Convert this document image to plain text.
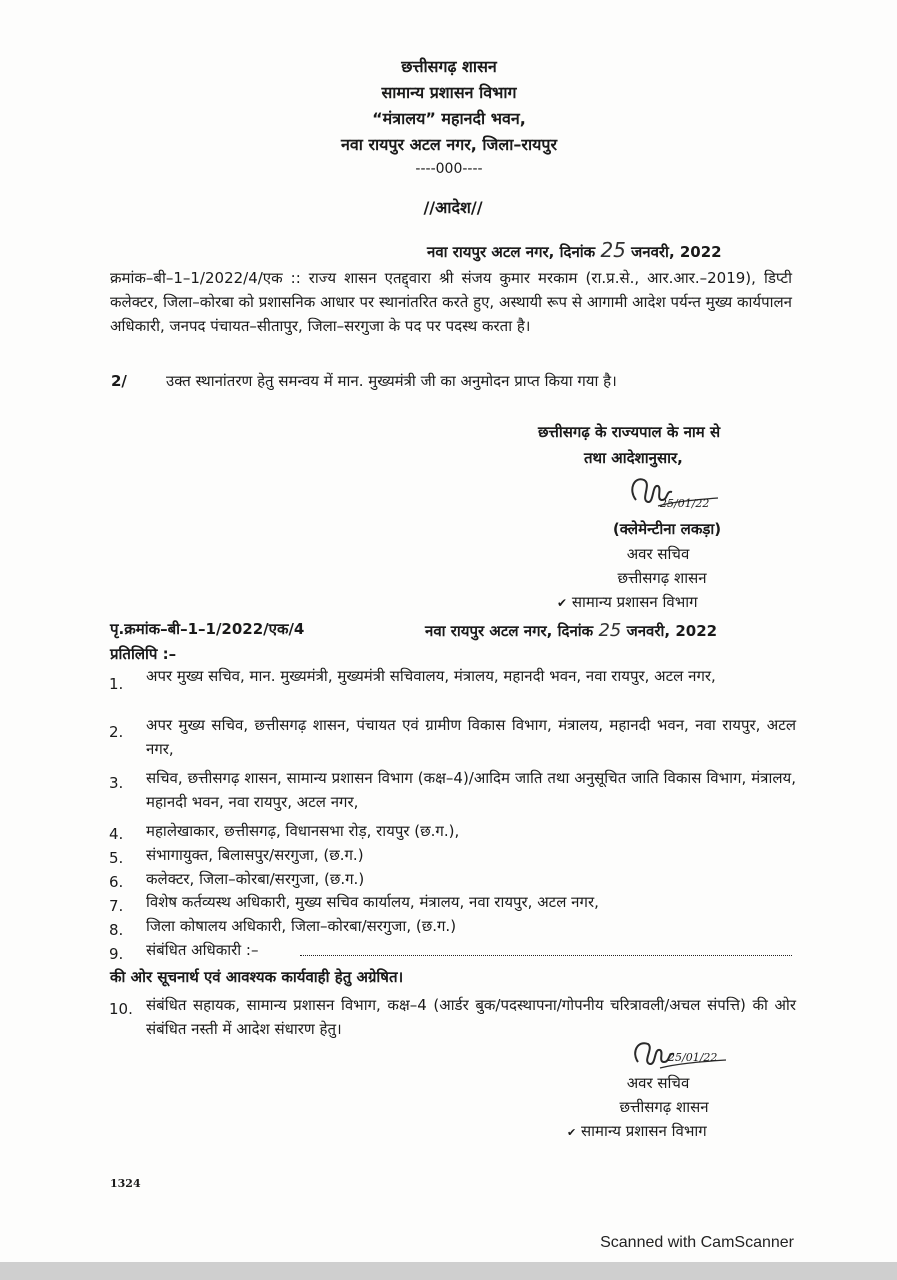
छत्तीसगढ़ शासन
सामान्य प्रशासन विभाग
“मंत्रालय” महानदी भवन,
नवा रायपुर अटल नगर, जिला–रायपुर
----000----
//आदेश//
नवा रायपुर अटल नगर, दिनांक 25 जनवरी, 2022
क्रमांक–बी–1–1/2022/4/एक :: राज्य शासन एतद्द्वारा श्री संजय कुमार मरकाम (रा.प्र.से., आर.आर.–2019), डिप्टी कलेक्टर, जिला–कोरबा को प्रशासनिक आधार पर स्थानांतरित करते हुए, अस्थायी रूप से आगामी आदेश पर्यन्त मुख्य कार्यपालन अधिकारी, जनपद पंचायत–सीतापुर, जिला–सरगुजा के पद पर पदस्थ करता है।
2/	उक्त स्थानांतरण हेतु समन्वय में मान. मुख्यमंत्री जी का अनुमोदन प्राप्त किया गया है।
छत्तीसगढ़ के राज्यपाल के नाम से
तथा आदेशानुसार,
25/01/22
(क्लेमेन्टीना लकड़ा)
अवर सचिव
छत्तीसगढ़ शासन
✔ सामान्य प्रशासन विभाग
पृ.क्रमांक–बी–1–1/2022/एक/4	नवा रायपुर अटल नगर, दिनांक 25 जनवरी, 2022
प्रतिलिपि :–
1. अपर मुख्य सचिव, मान. मुख्यमंत्री, मुख्यमंत्री सचिवालय, मंत्रालय, महानदी भवन, नवा रायपुर, अटल नगर,
2. अपर मुख्य सचिव, छत्तीसगढ़ शासन, पंचायत एवं ग्रामीण विकास विभाग, मंत्रालय, महानदी भवन, नवा रायपुर, अटल नगर,
3. सचिव, छत्तीसगढ़ शासन, सामान्य प्रशासन विभाग (कक्ष–4)/आदिम जाति तथा अनुसूचित जाति विकास विभाग, मंत्रालय, महानदी भवन, नवा रायपुर, अटल नगर,
4. महालेखाकार, छत्तीसगढ़, विधानसभा रोड़, रायपुर (छ.ग.),
5. संभागायुक्त, बिलासपुर/सरगुजा, (छ.ग.)
6. कलेक्टर, जिला–कोरबा/सरगुजा, (छ.ग.)
7. विशेष कर्तव्यस्थ अधिकारी, मुख्य सचिव कार्यालय, मंत्रालय, नवा रायपुर, अटल नगर,
8. जिला कोषालय अधिकारी, जिला–कोरबा/सरगुजा, (छ.ग.)
9. संबंधित अधिकारी :–
की ओर सूचनार्थ एवं आवश्यक कार्यवाही हेतु अग्रेषित।
10. संबंधित सहायक, सामान्य प्रशासन विभाग, कक्ष–4 (आर्डर बुक/पदस्थापना/गोपनीय चरित्रावली/अचल संपत्ति) की ओर संबंधित नस्ती में आदेश संधारण हेतु।
25/01/22
अवर सचिव
छत्तीसगढ़ शासन
✔ सामान्य प्रशासन विभाग
1324
Scanned with CamScanner
